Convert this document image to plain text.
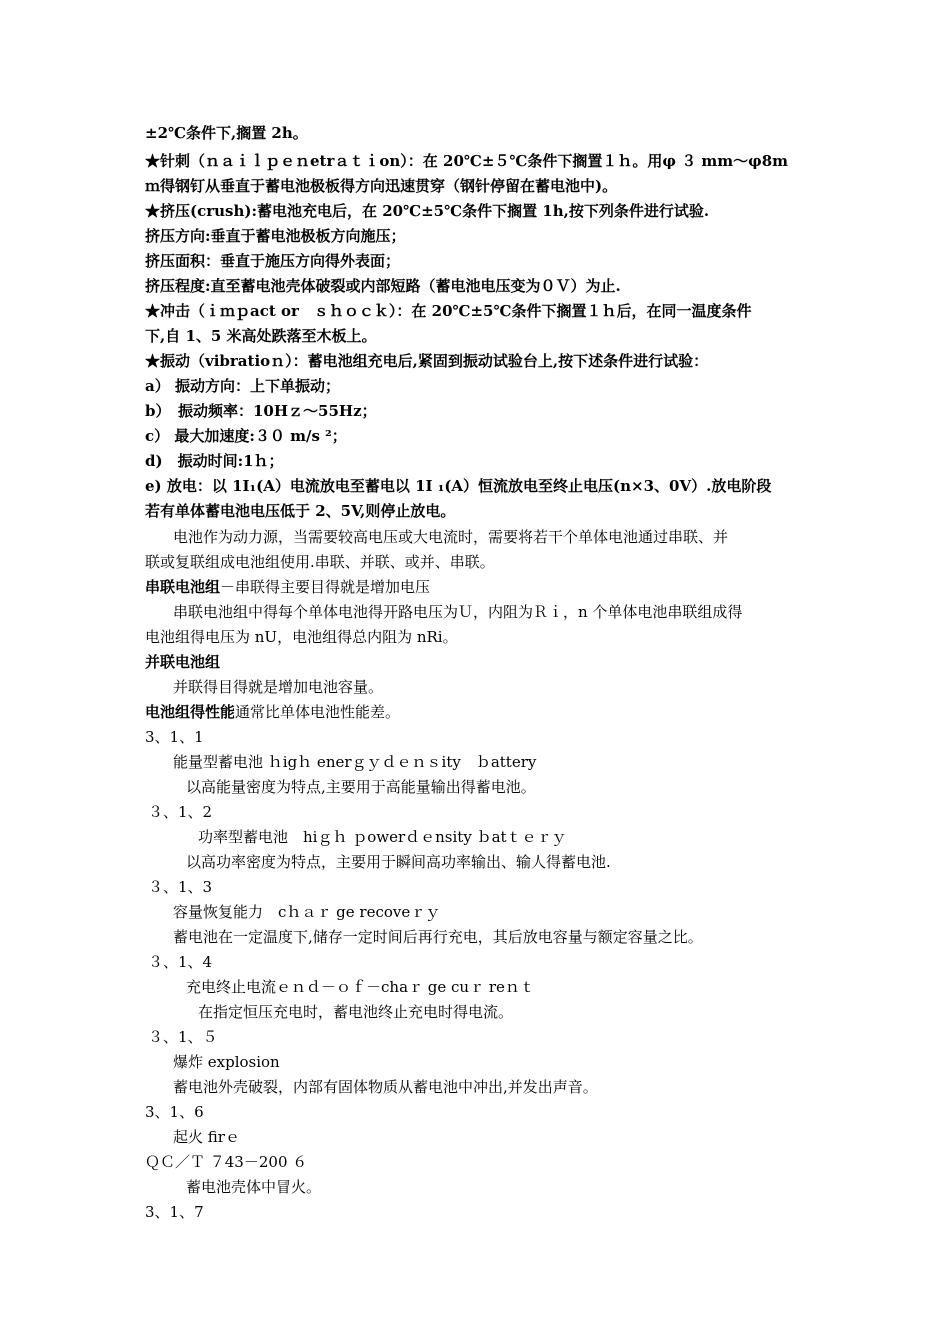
±2℃条件下,搁置 2h。
★针刺（ｎａｉｌｐｅｎetrａｔｉon）：在 20℃±５℃条件下搁置１ｈ。用φ ３ mm～φ8m
ｍ得钢钉从垂直于蓄电池极板得方向迅速贯穿（钢针停留在蓄电池中)。
★挤压(crush):蓄电池充电后，在 20℃±5℃条件下搁置 1h,按下列条件进行试验.
挤压方向:垂直于蓄电池极板方向施压；
挤压面积：垂直于施压方向得外表面；
挤压程度:直至蓄电池壳体破裂或内部短路（蓄电池电压变为０Ｖ）为止.
★冲击（ｉｍｐact or　ｓｈｏｃｋ）：在 20℃±5℃条件下搁置１ｈ后，在同一温度条件
下,自 1、5 米高处跌落至木板上。
★振动（vibratioｎ）：蓄电池组充电后,紧固到振动试验台上,按下述条件进行试验：
a） 振动方向：上下单振动；
b）　振动频率：10Hｚ～55Hz；
c） 最大加速度:３０ m/s ²；
d)　振动时间:1ｈ；
e) 放电：以 1I₁(A）电流放电至蓄电以 1I ₁(A）恒流放电至终止电压(n×3、0V）.放电阶段
若有单体蓄电池电压低于 2、5V,则停止放电。
电池作为动力源，当需要较高电压或大电流时，需要将若干个单体电池通过串联、并
联或复联组成电池组使用.串联、并联、或并、串联。
串联电池组－串联得主要目得就是增加电压
串联电池组中得每个单体电池得开路电压为Ｕ，内阻为Ｒｉ，n 个单体电池串联组成得
电池组得电压为 nU，电池组得总内阻为 nRi。
并联电池组
并联得目得就是增加电池容量。
电池组得性能通常比单体电池性能差。
3、1、1
能量型蓄电池 ｈigｈ enerｇｙｄｅｎｓity　ｂattery
以高能量密度为特点,主要用于高能量输出得蓄电池。
３、1、2
功率型蓄电池　hiｇｈ ｐowerｄｅnsity ｂatｔｅｒｙ
以高功率密度为特点，主要用于瞬间高功率输出、输人得蓄电池.
３、1、3
容量恢复能力　cｈａｒ ge recoveｒｙ
蓄电池在一定温度下,储存一定时间后再行充电，其后放电容量与额定容量之比。
３、1、4
充电终止电流ｅｎｄ－ｏｆ－chaｒ ge cuｒ reｎｔ
在指定恒压充电时，蓄电池终止充电时得电流。
３、1、５
爆炸 explosion
蓄电池外壳破裂，内部有固体物质从蓄电池中冲出,并发出声音。
3、1、6
起火 firｅ
ＱＣ／Ｔ ７43－200 ６
蓄电池壳体中冒火。
3、1、7
